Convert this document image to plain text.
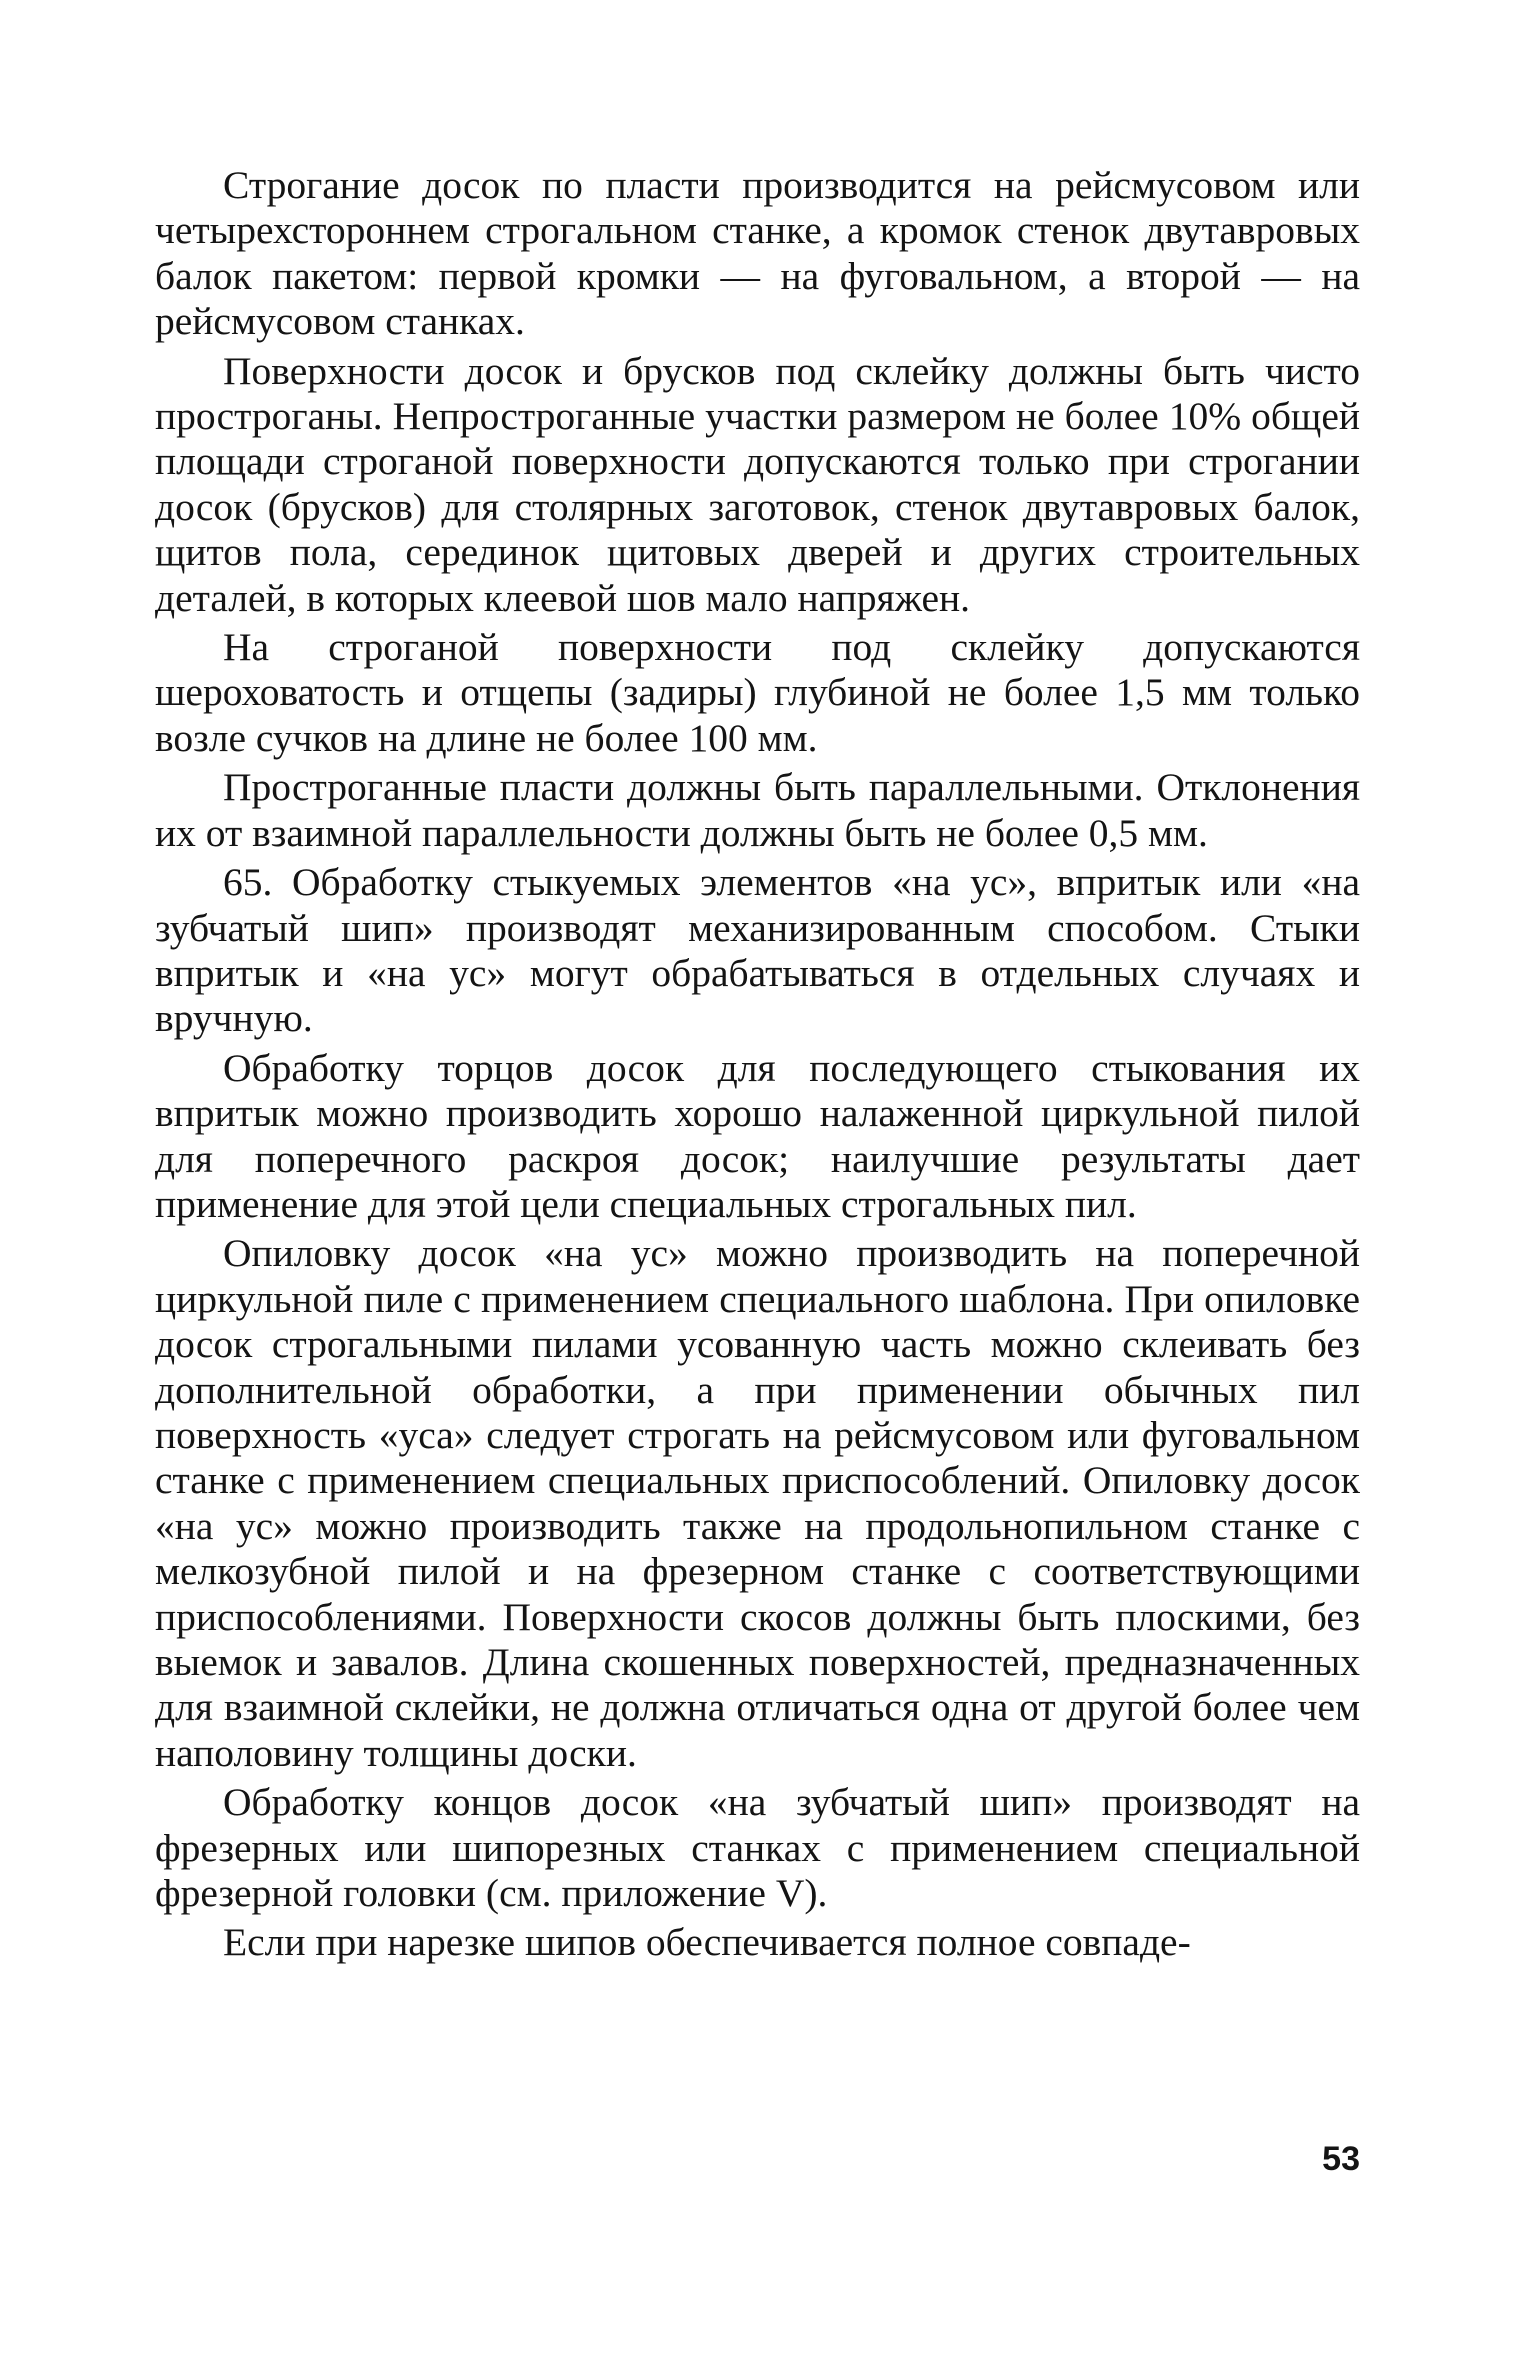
Строгание досок по пласти производится на рейсмусовом или четырехстороннем строгальном станке, а кромок стенок двутавровых балок пакетом: первой кромки — на фуговальном, а второй — на рейсмусовом станках.

Поверхности досок и брусков под склейку должны быть чисто прострoганы. Непрострoганные участки размером не более 10% общей площади строганой поверхности допускаются только при строгании досок (брусков) для столярных заготовок, стенок двутавровых балок, щитов пола, серединок щитовых дверей и других строительных деталей, в которых клеевой шов мало напряжен.

На строганой поверхности под склейку допускаются шероховатость и отщепы (задиры) глубиной не более 1,5 мм только возле сучков на длине не более 100 мм.

Прострoганные пласти должны быть параллельными. Отклонения их от взаимной параллельности должны быть не более 0,5 мм.

65. Обработку стыкуемых элементов «на ус», впритык или «на зубчатый шип» производят механизированным способом. Стыки впритык и «на ус» могут обрабатываться в отдельных случаях и вручную.

Обработку торцов досок для последующего стыкования их впритык можно производить хорошо налаженной циркульной пилой для поперечного раскроя досок; наилучшие результаты дает применение для этой цели специальных строгальных пил.

Опиловку досок «на ус» можно производить на поперечной циркульной пиле с применением специального шаблона. При опиловке досок строгальными пилами усованную часть можно склеивать без дополнительной обработки, а при применении обычных пил поверхность «уса» следует строгать на рейсмусовом или фуговальном станке с применением специальных приспособлений. Опиловку досок «на ус» можно производить также на продольнопильном станке с мелкозубной пилой и на фрезерном станке с соответствующими приспособлениями. Поверхности скосов должны быть плоскими, без выемок и завалов. Длина скошенных поверхностей, предназначенных для взаимной склейки, не должна отличаться одна от другой более чем наполовину толщины доски.

Обработку концов досок «на зубчатый шип» производят на фрезерных или шипорезных станках с применением специальной фрезерной головки (см. приложение V).

Если при нарезке шипов обеспечивается полное совпаде-

53
